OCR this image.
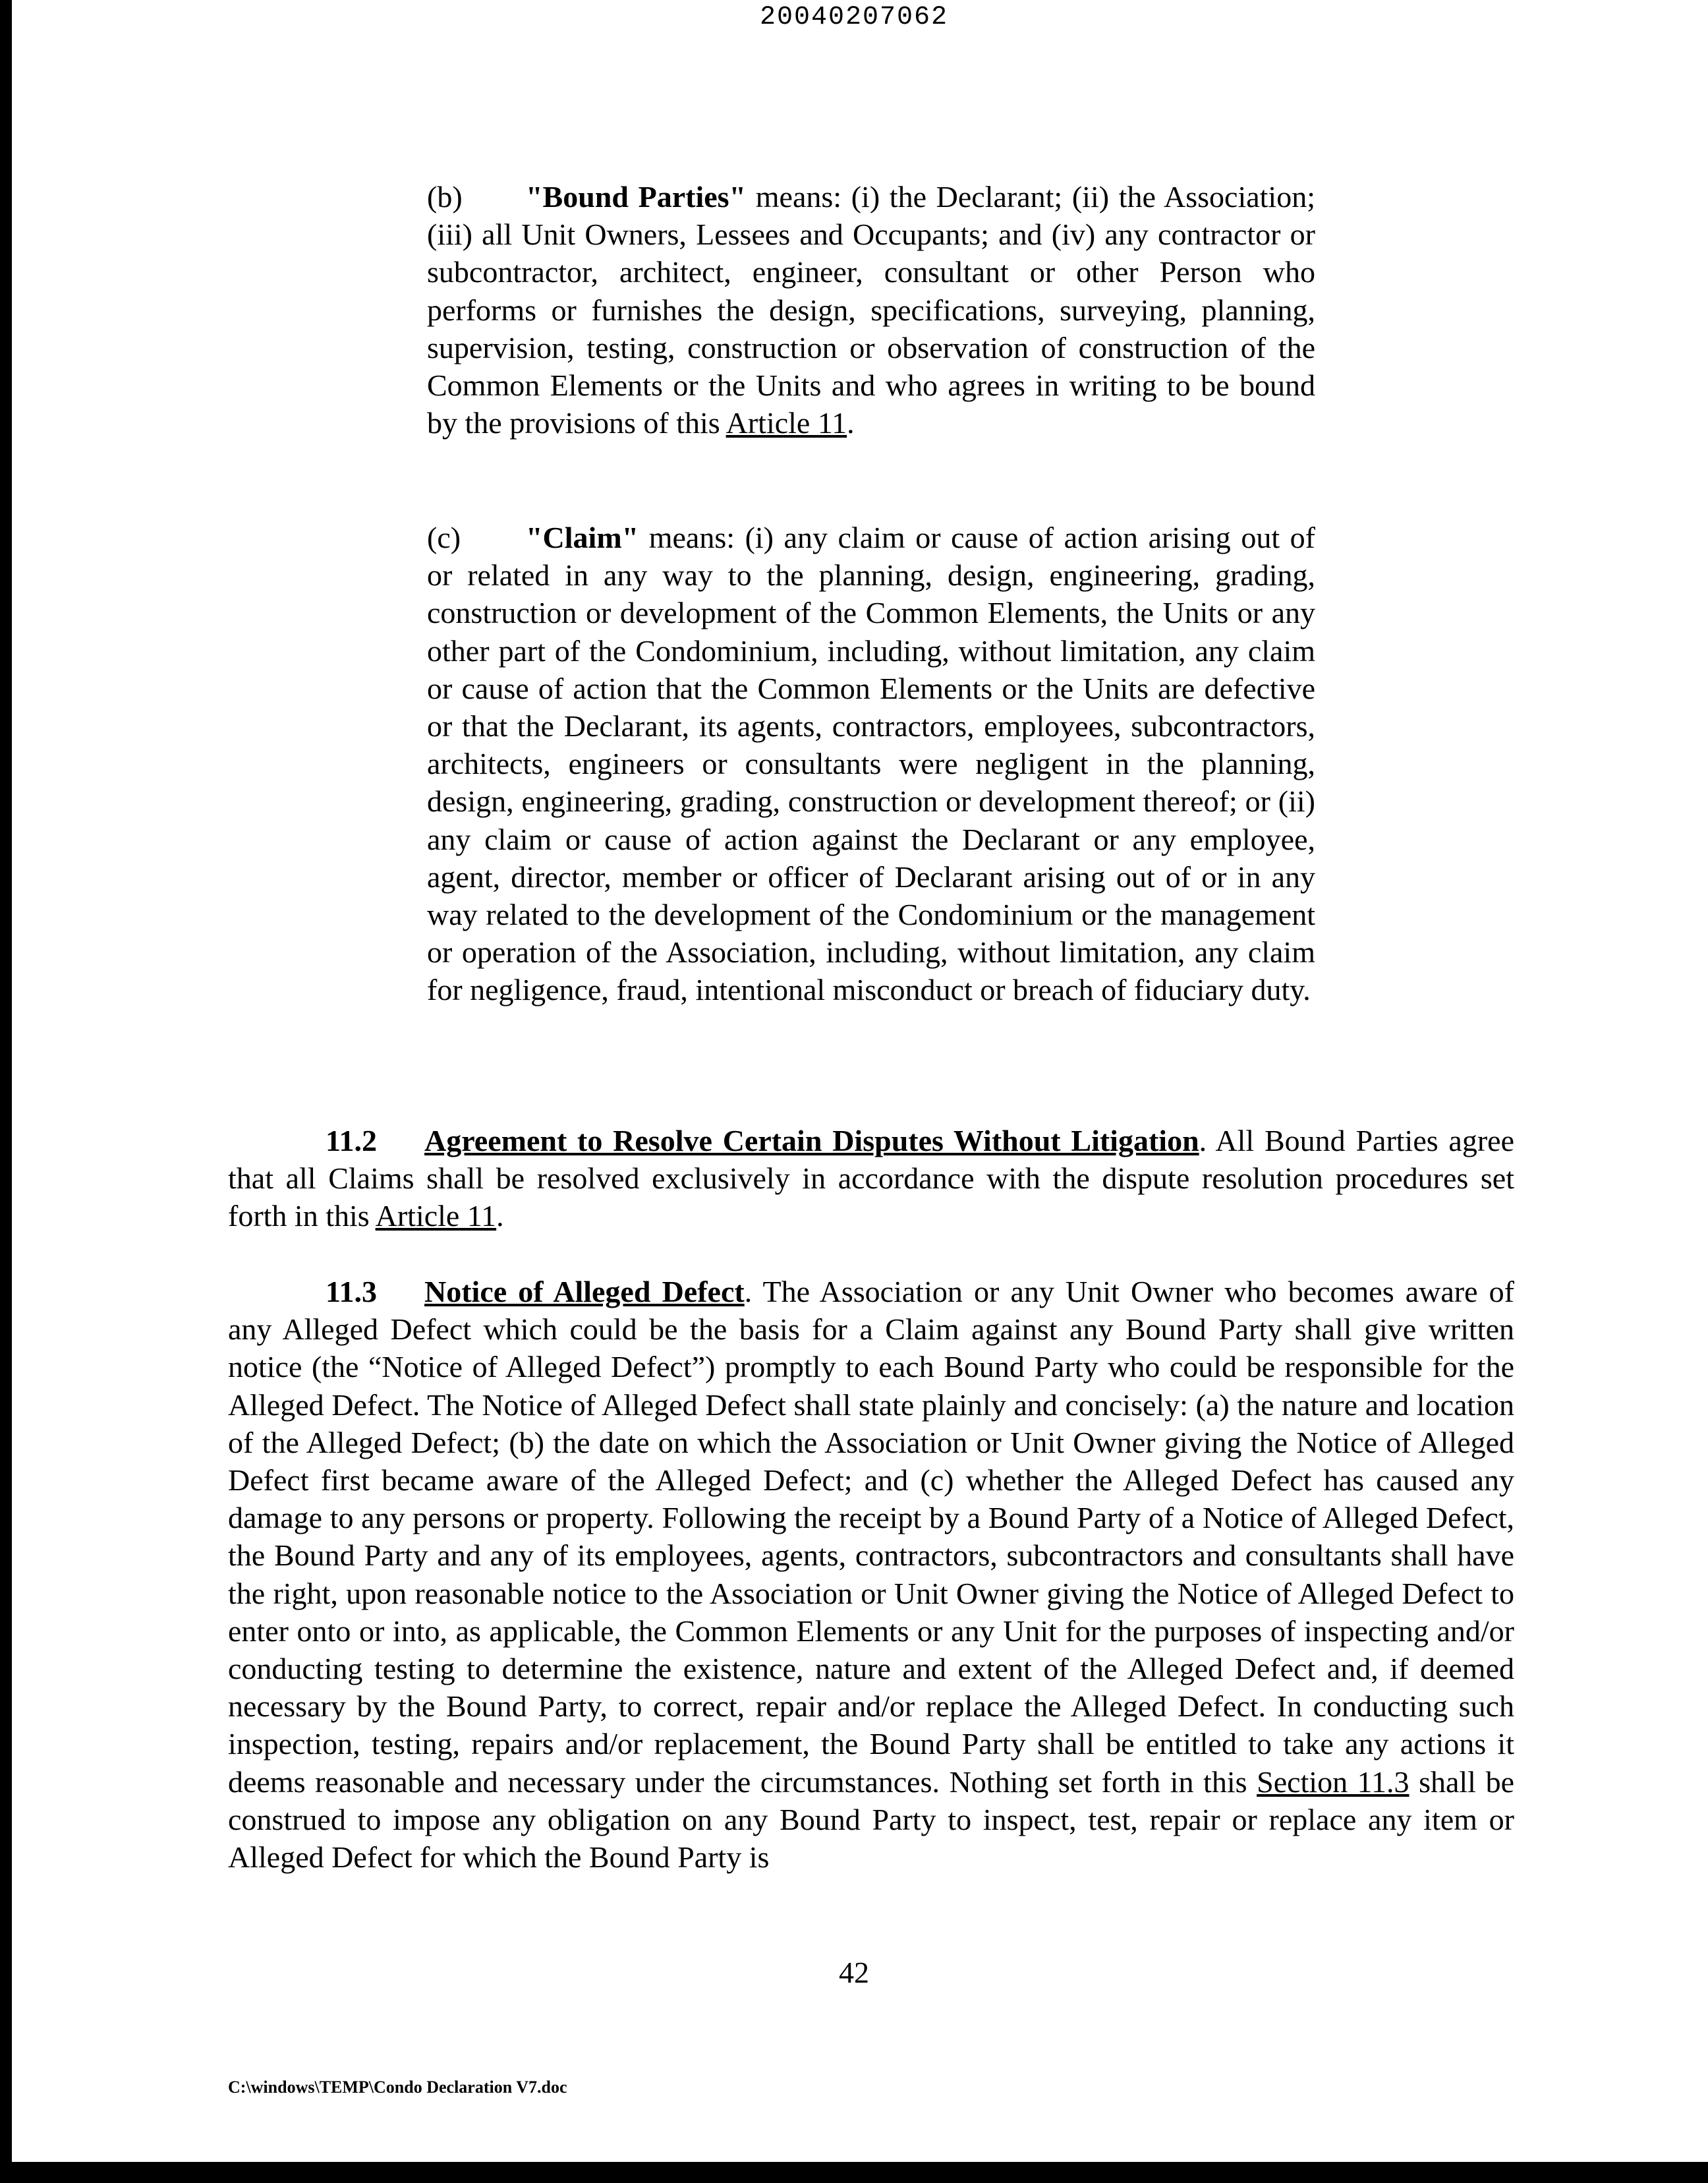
20040207062

(b) "Bound Parties" means: (i) the Declarant; (ii) the Association; (iii) all Unit Owners, Lessees and Occupants; and (iv) any contractor or subcontractor, architect, engineer, consultant or other Person who performs or furnishes the design, specifications, surveying, planning, supervision, testing, construction or observation of construction of the Common Elements or the Units and who agrees in writing to be bound by the provisions of this Article 11.

(c) "Claim" means: (i) any claim or cause of action arising out of or related in any way to the planning, design, engineering, grading, construction or development of the Common Elements, the Units or any other part of the Condominium, including, without limitation, any claim or cause of action that the Common Elements or the Units are defective or that the Declarant, its agents, contractors, employees, subcontractors, architects, engineers or consultants were negligent in the planning, design, engineering, grading, construction or development thereof; or (ii) any claim or cause of action against the Declarant or any employee, agent, director, member or officer of Declarant arising out of or in any way related to the development of the Condominium or the management or operation of the Association, including, without limitation, any claim for negligence, fraud, intentional misconduct or breach of fiduciary duty.

11.2 Agreement to Resolve Certain Disputes Without Litigation. All Bound Parties agree that all Claims shall be resolved exclusively in accordance with the dispute resolution procedures set forth in this Article 11.

11.3 Notice of Alleged Defect. The Association or any Unit Owner who becomes aware of any Alleged Defect which could be the basis for a Claim against any Bound Party shall give written notice (the “Notice of Alleged Defect”) promptly to each Bound Party who could be responsible for the Alleged Defect. The Notice of Alleged Defect shall state plainly and concisely: (a) the nature and location of the Alleged Defect; (b) the date on which the Association or Unit Owner giving the Notice of Alleged Defect first became aware of the Alleged Defect; and (c) whether the Alleged Defect has caused any damage to any persons or property. Following the receipt by a Bound Party of a Notice of Alleged Defect, the Bound Party and any of its employees, agents, contractors, subcontractors and consultants shall have the right, upon reasonable notice to the Association or Unit Owner giving the Notice of Alleged Defect to enter onto or into, as applicable, the Common Elements or any Unit for the purposes of inspecting and/or conducting testing to determine the existence, nature and extent of the Alleged Defect and, if deemed necessary by the Bound Party, to correct, repair and/or replace the Alleged Defect. In conducting such inspection, testing, repairs and/or replacement, the Bound Party shall be entitled to take any actions it deems reasonable and necessary under the circumstances. Nothing set forth in this Section 11.3 shall be construed to impose any obligation on any Bound Party to inspect, test, repair or replace any item or Alleged Defect for which the Bound Party is

42
C:\windows\TEMP\Condo Declaration V7.doc
